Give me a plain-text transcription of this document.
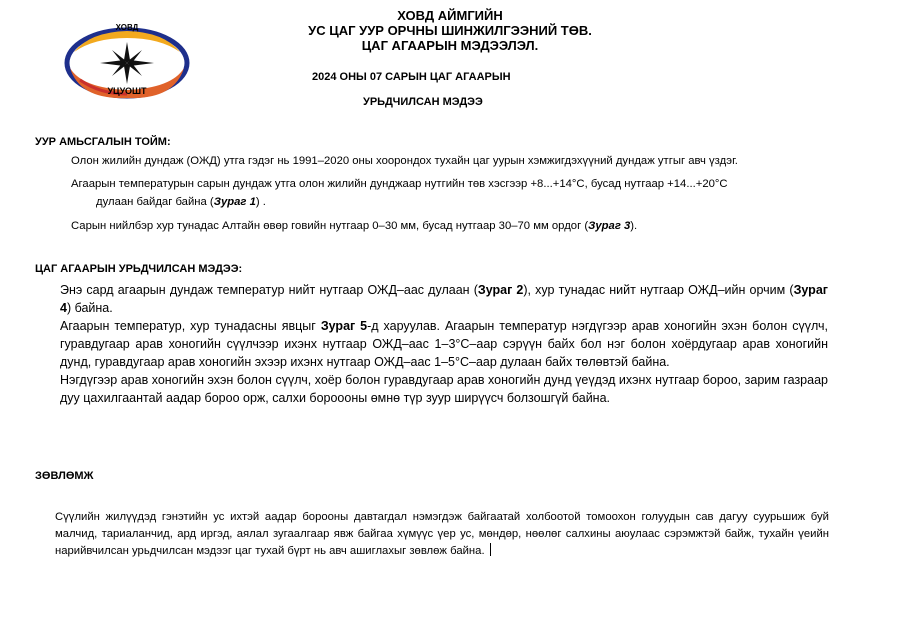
ХОВД
УЦУОШТ
ХОВД АЙМГИЙН
УС ЦАГ УУР ОРЧНЫ ШИНЖИЛГЭЭНИЙ ТӨВ.
ЦАГ АГААРЫН МЭДЭЭЛЭЛ.
2024 ОНЫ 07 САРЫН ЦАГ АГААРЫН
УРЬДЧИЛСАН МЭДЭЭ
УУР АМЬСГАЛЫН ТОЙМ:
Олон жилийн дундаж (ОЖД) утга гэдэг нь 1991–2020 оны хоорондох тухайн цаг уурын хэмжигдэхүүний дундаж утгыг авч үздэг.
Агаарын температурын сарын дундаж утга олон жилийн дунджаар нутгийн төв хэсгээр +8...+14°C, бусад нутгаар +14...+20°C
дулаан байдаг байна (Зураг 1) .
Сарын нийлбэр хур тунадас Алтайн өвөр говийн нутгаар 0–30 мм, бусад нутгаар 30–70 мм ордог (Зураг 3).
ЦАГ АГААРЫН УРЬДЧИЛСАН МЭДЭЭ:
Энэ сард агаарын дундаж температур нийт нутгаар ОЖД–аас дулаан (Зураг 2), хур тунадас нийт нутгаар ОЖД–ийн орчим (Зураг 4) байна.
Агаарын температур, хур тунадасны явцыг Зураг 5-д харуулав. Агаарын температур нэгдүгээр арав хоногийн эхэн болон сүүлч, гуравдугаар арав хоногийн сүүлчээр ихэнх нутгаар ОЖД–аас 1–3°C–аар сэрүүн байх бол нэг болон хоёрдугаар арав хоногийн дунд, гуравдугаар арав хоногийн эхээр ихэнх нутгаар ОЖД–аас 1–5°C–аар дулаан байх төлөвтэй байна.
Нэгдүгээр арав хоногийн эхэн болон сүүлч, хоёр болон гуравдугаар арав хоногийн дунд үеүдэд ихэнх нутгаар бороо, зарим газраар дуу цахилгаантай аадар бороо орж, салхи бороооны өмнө түр зуур ширүүсч болзошгүй байна.
ЗӨВЛӨМЖ
Сүүлийн жилүүдэд гэнэтийн ус ихтэй аадар борооны давтагдал нэмэгдэж байгаатай холбоотой томоохон голуудын сав дагуу суурьшиж буй малчид, тариаланчид, ард иргэд, аялал зугаалгаар явж байгаа хүмүүс үер ус, мөндөр, нөөлөг салхины аюулаас сэрэмжтэй байж, тухайн үеийн нарийвчилсан урьдчилсан мэдээг цаг тухай бүрт нь авч ашиглахыг зөвлөж байна.
